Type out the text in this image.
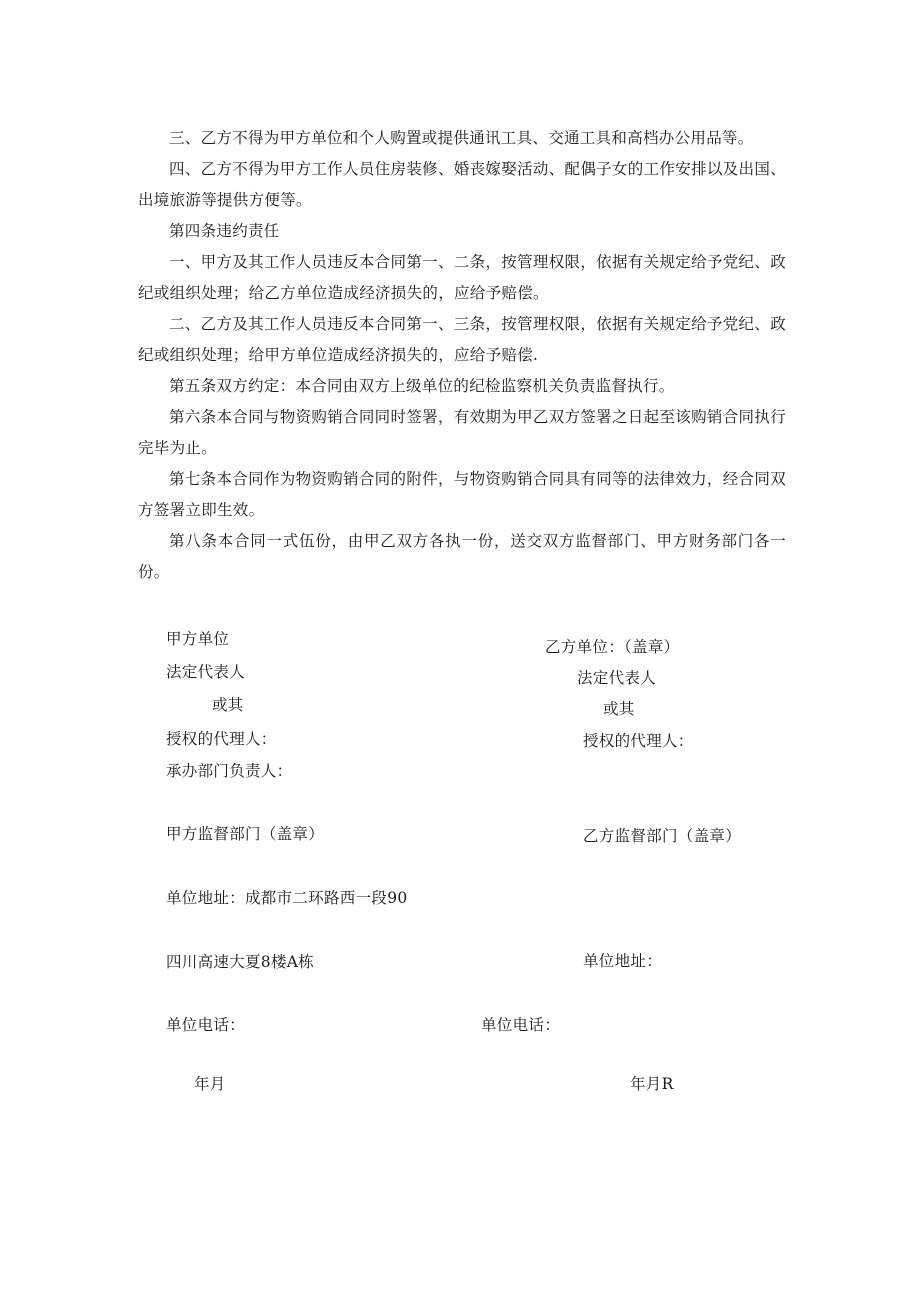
三、乙方不得为甲方单位和个人购置或提供通讯工具、交通工具和高档办公用品等。

四、乙方不得为甲方工作人员住房装修、婚丧嫁娶活动、配偶子女的工作安排以及出国、出境旅游等提供方便等。

第四条违约责任

一、甲方及其工作人员违反本合同第一、二条，按管理权限，依据有关规定给予党纪、政纪或组织处理；给乙方单位造成经济损失的，应给予赔偿。

二、乙方及其工作人员违反本合同第一、三条，按管理权限，依据有关规定给予党纪、政纪或组织处理；给甲方单位造成经济损失的，应给予赔偿.

第五条双方约定：本合同由双方上级单位的纪检监察机关负责监督执行。

第六条本合同与物资购销合同同时签署，有效期为甲乙双方签署之日起至该购销合同执行完毕为止。

第七条本合同作为物资购销合同的附件，与物资购销合同具有同等的法律效力，经合同双方签署立即生效。

第八条本合同一式伍份，由甲乙双方各执一份，送交双方监督部门、甲方财务部门各一份。

甲方单位
法定代表人
或其
授权的代理人：
承办部门负责人：
甲方监督部门（盖章）
单位地址：成都市二环路西一段90
四川高速大夏8楼A栋
单位电话：
年月
乙方单位：（盖章）
法定代表人
或其
授权的代理人：
乙方监督部门（盖章）
单位地址：
单位电话：
年月R
